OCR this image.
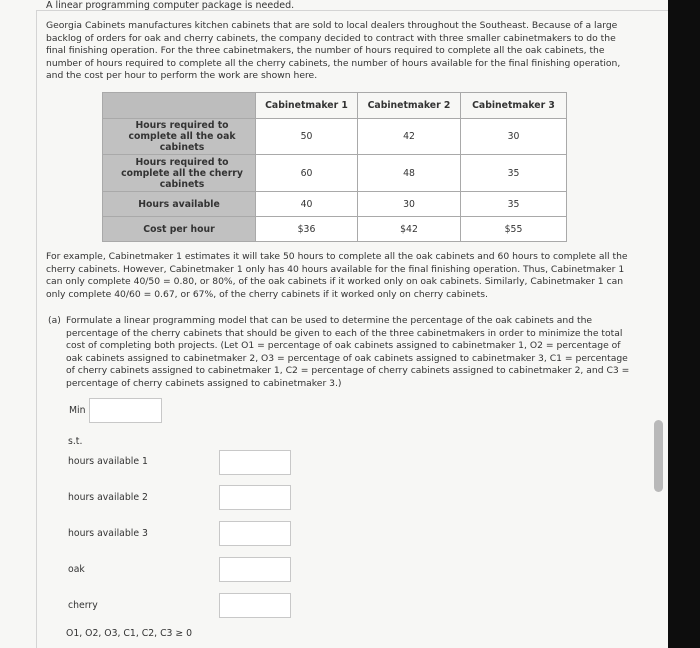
A linear programming computer package is needed.

Georgia Cabinets manufactures kitchen cabinets that are sold to local dealers throughout the Southeast. Because of a large backlog of orders for oak and cherry cabinets, the company decided to contract with three smaller cabinetmakers to do the final finishing operation. For the three cabinetmakers, the number of hours required to complete all the oak cabinets, the number of hours required to complete all the cherry cabinets, the number of hours available for the final finishing operation, and the cost per hour to perform the work are shown here.

	Cabinetmaker 1	Cabinetmaker 2	Cabinetmaker 3
Hours required to complete all the oak cabinets	50	42	30
Hours required to complete all the cherry cabinets	60	48	35
Hours available	40	30	35
Cost per hour	$36	$42	$55

For example, Cabinetmaker 1 estimates it will take 50 hours to complete all the oak cabinets and 60 hours to complete all the cherry cabinets. However, Cabinetmaker 1 only has 40 hours available for the final finishing operation. Thus, Cabinetmaker 1 can only complete 40/50 = 0.80, or 80%, of the oak cabinets if it worked only on oak cabinets. Similarly, Cabinetmaker 1 can only complete 40/60 = 0.67, or 67%, of the cherry cabinets if it worked only on cherry cabinets.

(a) Formulate a linear programming model that can be used to determine the percentage of the oak cabinets and the percentage of the cherry cabinets that should be given to each of the three cabinetmakers in order to minimize the total cost of completing both projects. (Let O1 = percentage of oak cabinets assigned to cabinetmaker 1, O2 = percentage of oak cabinets assigned to cabinetmaker 2, O3 = percentage of oak cabinets assigned to cabinetmaker 3, C1 = percentage of cherry cabinets assigned to cabinetmaker 1, C2 = percentage of cherry cabinets assigned to cabinetmaker 2, and C3 = percentage of cherry cabinets assigned to cabinetmaker 3.)
Min
s.t.
hours available 1
hours available 2
hours available 3
oak
cherry
O1, O2, O3, C1, C2, C3 ≥ 0
